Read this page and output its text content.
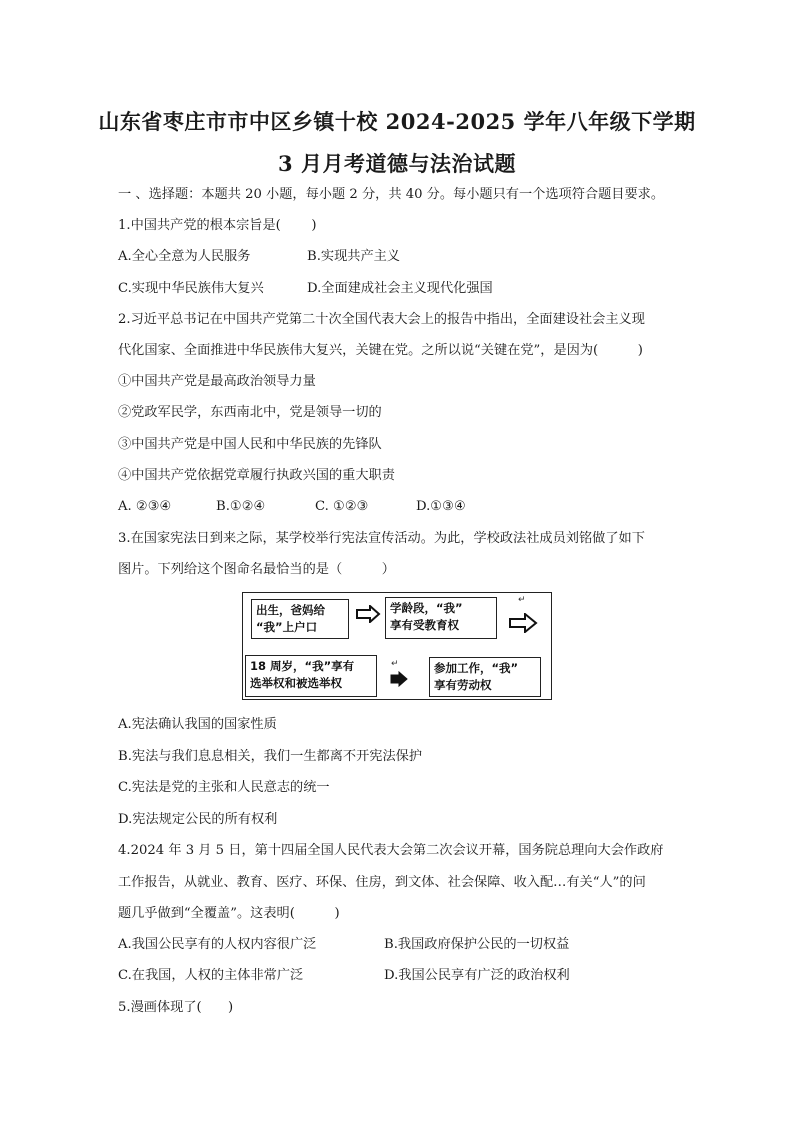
山东省枣庄市市中区乡镇十校 2024-2025 学年八年级下学期
3 月月考道德与法治试题
一 、选择题：本题共 20 小题，每小题 2 分，共 40 分。每小题只有一个选项符合题目要求。
1.中国共产党的根本宗旨是(　　 )
A.全心全意为人民服务	B.实现共产主义
C.实现中华民族伟大复兴	D.全面建成社会主义现代化强国
2.习近平总书记在中国共产党第二十次全国代表大会上的报告中指出，全面建设社会主义现
代化国家、全面推进中华民族伟大复兴，关键在党。之所以说“关键在党”，是因为(　　　)
①中国共产党是最高政治领导力量
②党政军民学，东西南北中，党是领导一切的
③中国共产党是中国人民和中华民族的先锋队
④中国共产党依据党章履行执政兴国的重大职责
A. ②③④	B.①②④	C. ①②③	D.①③④
3.在国家宪法日到来之际，某学校举行宪法宣传活动。为此，学校政法社成员刘铭做了如下
图片。下列给这个图命名最恰当的是（　　　）
出生，爸妈给
“我”上户口
学龄段，“我”
享有受教育权
↵
18 周岁，“我”享有
选举权和被选举权
↵	参加工作，“我”
享有劳动权
A.宪法确认我国的国家性质
B.宪法与我们息息相关，我们一生都离不开宪法保护
C.宪法是党的主张和人民意志的统一
D.宪法规定公民的所有权利
4.2024 年 3 月 5 日，第十四届全国人民代表大会第二次会议开幕，国务院总理向大会作政府
工作报告，从就业、教育、医疗、环保、住房，到文体、社会保障、收入配…有关“人”的问
题几乎做到“全覆盖”。这表明(　　　)
A.我国公民享有的人权内容很广泛	B.我国政府保护公民的一切权益
C.在我国，人权的主体非常广泛	D.我国公民享有广泛的政治权利
5.漫画体现了(　　)
